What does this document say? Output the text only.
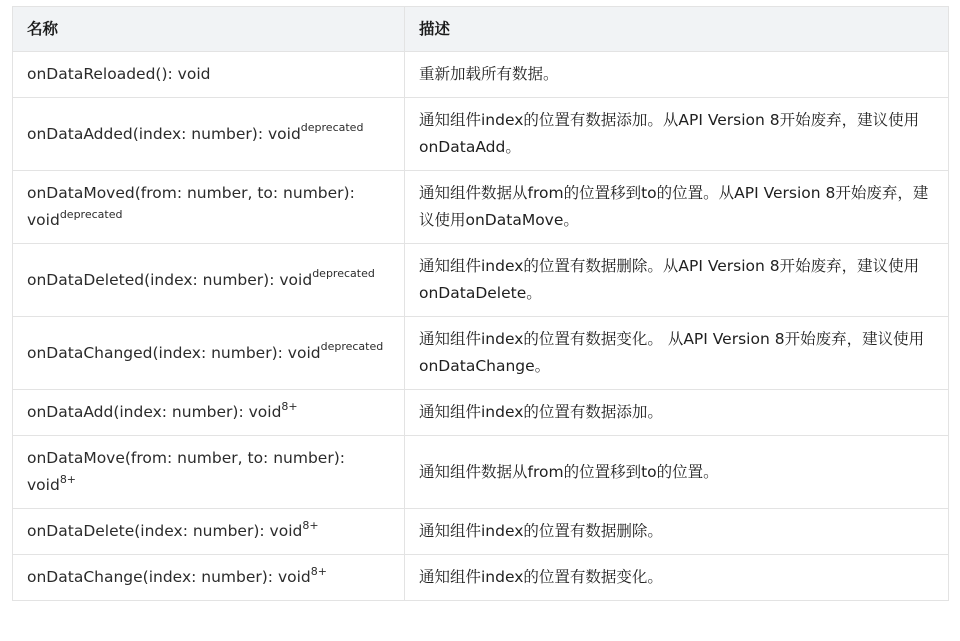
名称	描述
onDataReloaded(): void	重新加载所有数据。
onDataAdded(index: number): void$^{deprecated}$	通知组件index的位置有数据添加。从API Version 8开始废弃，建议使用onDataAdd。
onDataMoved(from: number, to: number): void$^{deprecated}$	通知组件数据从from的位置移到to的位置。从API Version 8开始废弃，建议使用onDataMove。
onDataDeleted(index: number): void$^{deprecated}$	通知组件index的位置有数据删除。从API Version 8开始废弃，建议使用onDataDelete。
onDataChanged(index: number): void$^{deprecated}$	通知组件index的位置有数据变化。 从API Version 8开始废弃，建议使用onDataChange。
onDataAdd(index: number): void$^{8+}$	通知组件index的位置有数据添加。
onDataMove(from: number, to: number): void$^{8+}$	通知组件数据从from的位置移到to的位置。
onDataDelete(index: number): void$^{8+}$	通知组件index的位置有数据删除。
onDataChange(index: number): void$^{8+}$	通知组件index的位置有数据变化。
